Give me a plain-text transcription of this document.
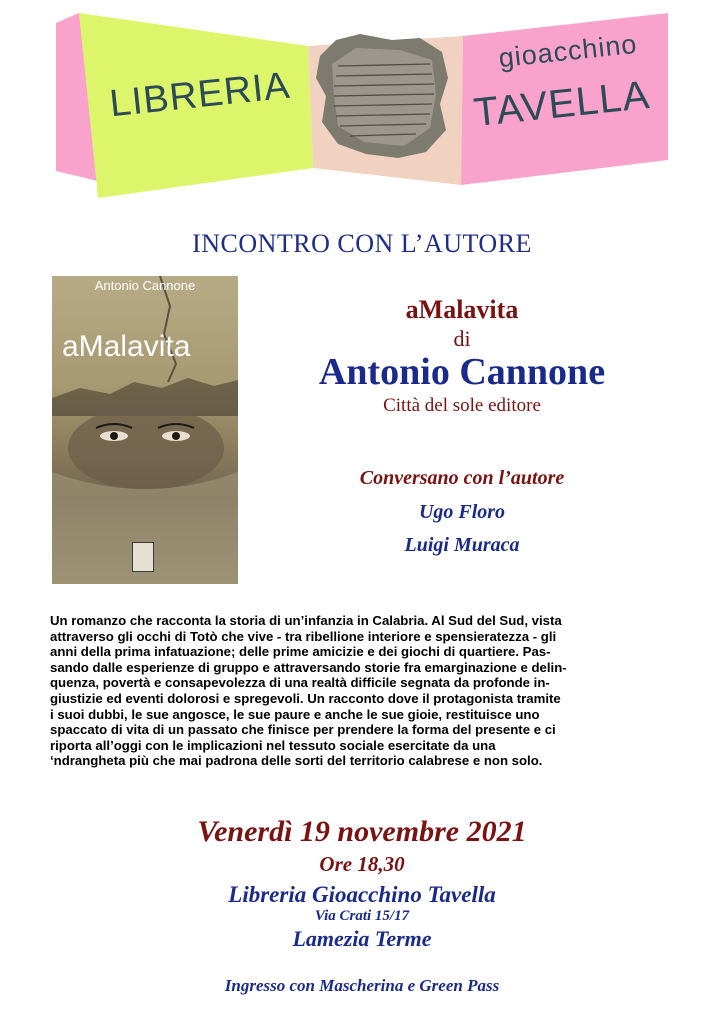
LIBRERIA
gioacchino
TAVELLA
INCONTRO CON L’AUTORE
Antonio Cannone
aMalavita
aMalavita
di
Antonio Cannone
Città del sole editore
Conversano con l’autore
Ugo Floro
Luigi Muraca
Un romanzo che racconta la storia di un’infanzia in Calabria. Al Sud del Sud, vista
attraverso gli occhi di Totò che vive - tra ribellione interiore e spensieratezza - gli
anni della prima infatuazione; delle prime amicizie e dei giochi di quartiere. Pas-
sando dalle esperienze di gruppo e attraversando storie fra emarginazione e delin-
quenza, povertà e consapevolezza di una realtà difficile segnata da profonde in-
giustizie ed eventi dolorosi e spregevoli. Un racconto dove il protagonista tramite
i suoi dubbi, le sue angosce, le sue paure e anche le sue gioie, restituisce uno
spaccato di vita di un passato che finisce per prendere la forma del presente e ci
riporta all’oggi con le implicazioni nel tessuto sociale esercitate da una
‘ndrangheta più che mai padrona delle sorti del territorio calabrese e non solo.
Venerdì 19 novembre 2021
Ore 18,30
Libreria Gioacchino Tavella
Via Crati 15/17
Lamezia Terme
Ingresso con Mascherina e Green Pass
